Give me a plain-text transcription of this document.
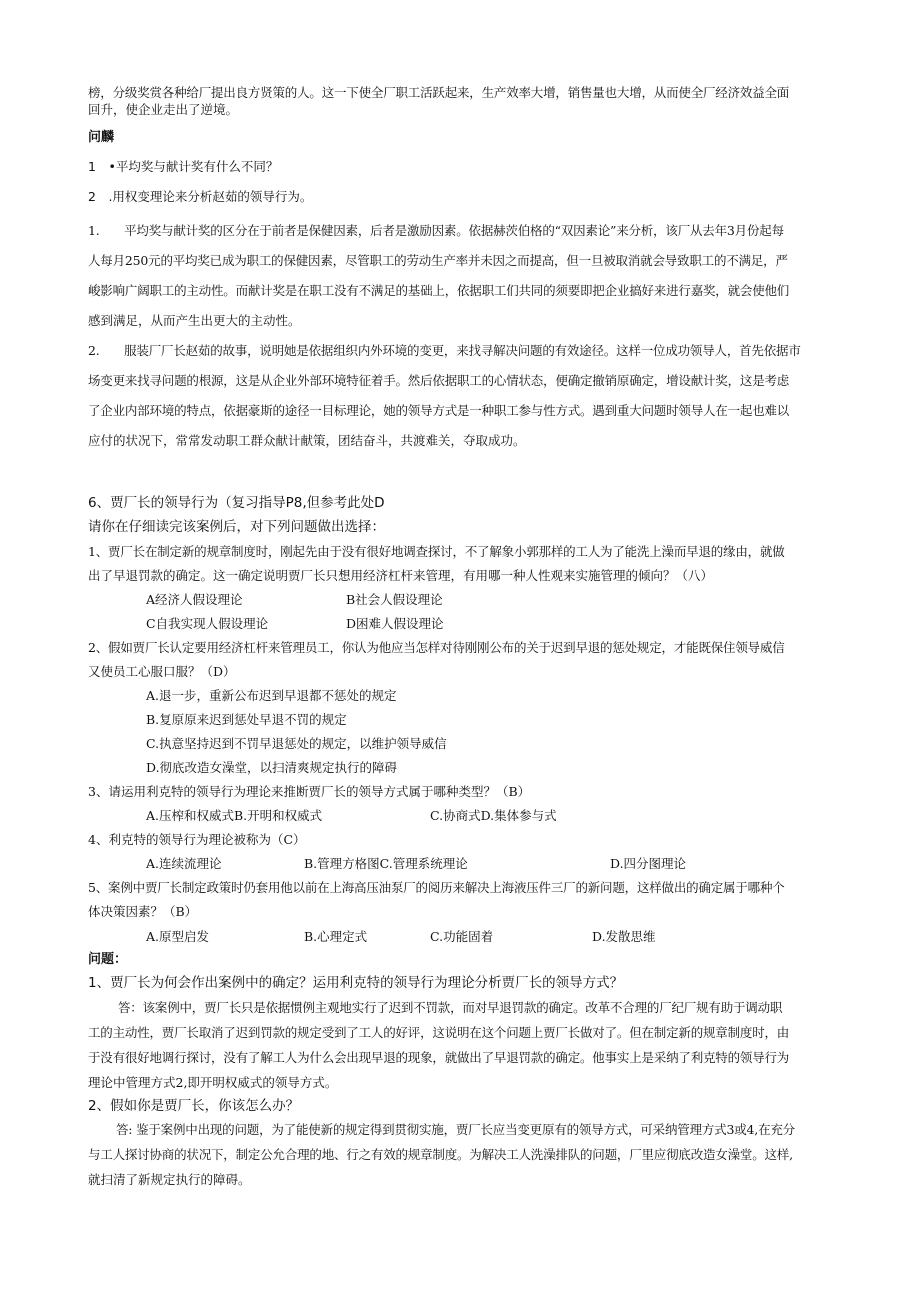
榜，分级奖赏各种给厂提出良方贤策的人。这一下使全厂职工活跃起来，生产效率大增，销售量也大增，从而使全厂经济效益全面
回升，使企业走出了逆境。
问麟
1　•平均奖与献计奖有什么不同？
2　.用权变理论来分析赵茹的领导行为。
1.　　平均奖与献计奖的区分在于前者是保健因素，后者是激励因素。依据赫茨伯格的“双因素论”来分析，该厂从去年3月份起每
人每月250元的平均奖已成为职工的保健因素，尽管职工的劳动生产率并未因之而提高，但一旦被取消就会导致职工的不满足，严
峻影响广阔职工的主动性。而献计奖是在职工没有不满足的基础上，依据职工们共同的须要即把企业搞好来进行嘉奖，就会使他们
感到满足，从而产生出更大的主动性。
2.　　服装厂厂长赵茹的故事，说明她是依据组织内外环境的变更，来找寻解决问题的有效途径。这样一位成功领导人，首先依据市
场变更来找寻问题的根源，这是从企业外部环境特征着手。然后依据职工的心情状态，便确定撤销原确定，增设献计奖，这是考虑
了企业内部环境的特点，依据豪斯的途径一目标理论，她的领导方式是一种职工参与性方式。遇到重大问题时领导人在一起也难以
应付的状况下，常常发动职工群众献计献策，团结奋斗，共渡难关，夺取成功。
6、贾厂长的领导行为（复习指导P8,但参考此处D
请你在仔细读完该案例后，对下列问题做出选择：
1、贾厂长在制定新的规章制度时，刚起先由于没有很好地调查探讨，不了解象小郭那样的工人为了能洗上澡而早退的缘由，就做
出了早退罚款的确定。这一确定说明贾厂长只想用经济杠杆来管理，有用哪一种人性观来实施管理的倾向？（八）
A经济人假设理论	B社会人假设理论
C自我实现人假设理论	D困难人假设理论
2、假如贾厂长认定要用经济杠杆来管理员工，你认为他应当怎样对待刚刚公布的关于迟到早退的惩处规定，才能既保住领导威信
又使员工心服口服？（D）
A.退一步，重新公布迟到早退都不惩处的规定
B.复原原来迟到惩处早退不罚的规定
C.执意坚持迟到不罚早退惩处的规定，以维护领导威信
D.彻底改造女澡堂，以扫清爽规定执行的障碍
3、请运用利克特的领导行为理论来推断贾厂长的领导方式属于哪种类型？（B）
A.压榨和权威式B.开明和权威式	C.协商式D.集体参与式
4、利克特的领导行为理论被称为（C）
A.连续流理论	B.管理方格图C.管理系统理论	D.四分图理论
5、案例中贾厂长制定政策时仍套用他以前在上海高压油泵厂的阅历来解决上海液压件三厂的新问题，这样做出的确定属于哪种个
体决策因素？（B）
A.原型启发	B.心理定式	C.功能固着	D.发散思维
问题：
1、贾厂长为何会作出案例中的确定？运用利克特的领导行为理论分析贾厂长的领导方式？
答：该案例中，贾厂长只是依据惯例主观地实行了迟到不罚款，而对早退罚款的确定。改革不合理的厂纪厂规有助于调动职
工的主动性，贾厂长取消了迟到罚款的规定受到了工人的好评，这说明在这个问题上贾厂长做对了。但在制定新的规章制度时，由
于没有很好地调行探讨，没有了解工人为什么会出现早退的现象，就做出了早退罚款的确定。他事实上是采纳了利克特的领导行为
理论中管理方式2,即开明权威式的领导方式。
2、假如你是贾厂长，你该怎么办？
答: 鉴于案例中出现的问题，为了能使新的规定得到贯彻实施，贾厂长应当变更原有的领导方式，可采纳管理方式3或4,在充分
与工人探讨协商的状况下，制定公允合理的地、行之有效的规章制度。为解决工人洗澡排队的问题，厂里应彻底改造女澡堂。这样,
就扫清了新规定执行的障碍。
